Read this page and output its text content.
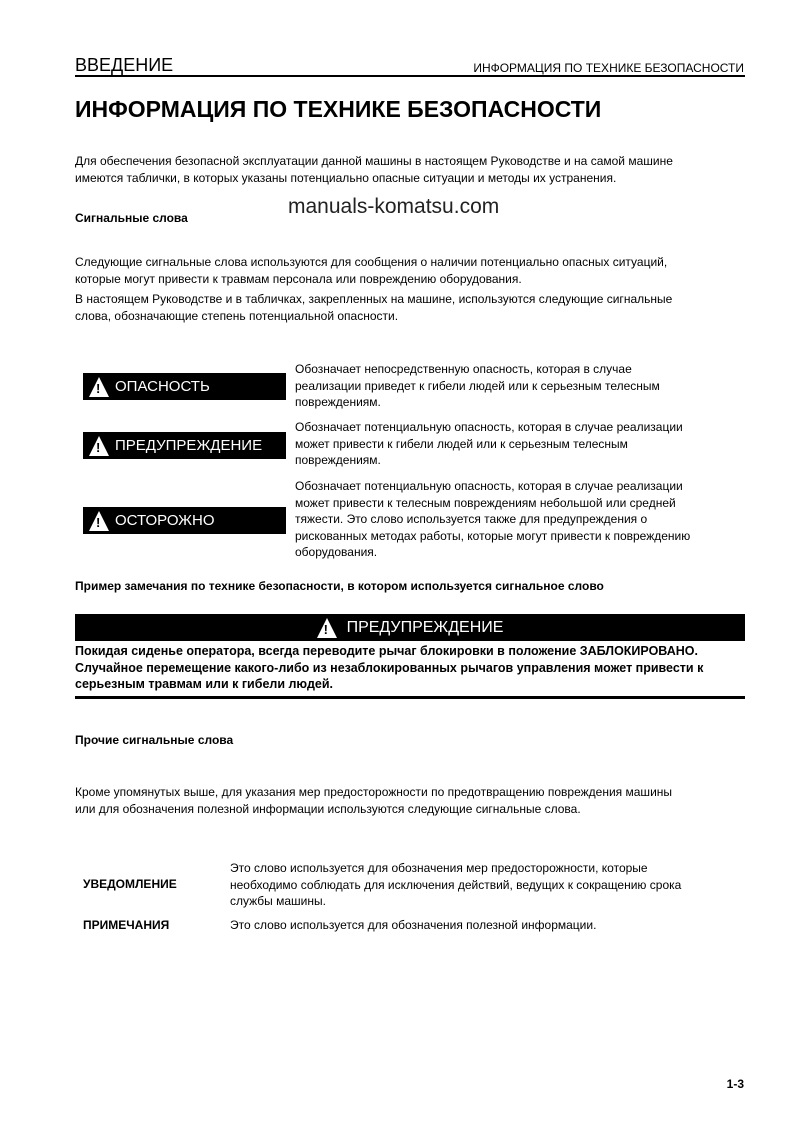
ВВЕДЕНИЕ	ИНФОРМАЦИЯ ПО ТЕХНИКЕ БЕЗОПАСНОСТИ
ИНФОРМАЦИЯ ПО ТЕХНИКЕ БЕЗОПАСНОСТИ
Для обеспечения безопасной эксплуатации данной машины в настоящем Руководстве и на самой машине
имеются таблички, в которых указаны потенциально опасные ситуации и методы их устранения.
manuals-komatsu.com
Сигнальные слова
Следующие сигнальные слова используются для сообщения о наличии потенциально опасных ситуаций,
которые могут привести к травмам персонала или повреждению оборудования.
В настоящем Руководстве и в табличках, закрепленных на машине, используются следующие сигнальные
слова, обозначающие степень потенциальной опасности.
!
ОПАСНОСТЬ
Обозначает непосредственную опасность, которая в случае
реализации приведет к гибели людей или к серьезным телесным
повреждениям.
!
ПРЕДУПРЕЖДЕНИЕ
Обозначает потенциальную опасность, которая в случае реализации
может привести к гибели людей или к серьезным телесным
повреждениям.
!
ОСТОРОЖНО
Обозначает потенциальную опасность, которая в случае реализации
может привести к телесным повреждениям небольшой или средней
тяжести. Это слово используется также для предупреждения о
рискованных методах работы, которые могут привести к повреждению
оборудования.
Пример замечания по технике безопасности, в котором используется сигнальное слово
!
ПРЕДУПРЕЖДЕНИЕ
Покидая сиденье оператора, всегда переводите рычаг блокировки в положение ЗАБЛОКИРОВАНО.
Случайное перемещение какого-либо из незаблокированных рычагов управления может привести к
серьезным травмам или к гибели людей.
Прочие сигнальные слова
Кроме упомянутых выше, для указания мер предосторожности по предотвращению повреждения машины
или для обозначения полезной информации используются следующие сигнальные слова.
УВЕДОМЛЕНИЕ
Это слово используется для обозначения мер предосторожности, которые
необходимо соблюдать для исключения действий, ведущих к сокращению срока
службы машины.
ПРИМЕЧАНИЯ	Это слово используется для обозначения полезной информации.
1-3
